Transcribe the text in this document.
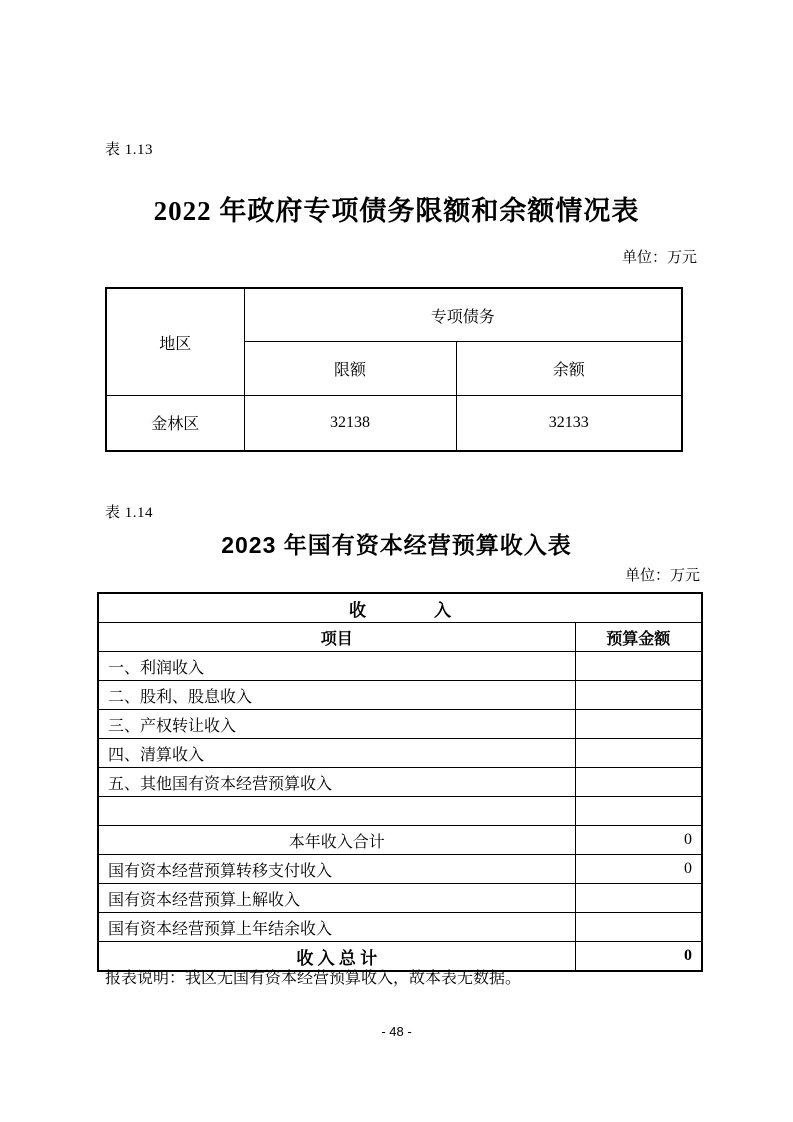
表 1.13
2022 年政府专项债务限额和余额情况表
单位：万元
地区	专项债务	
	限额	余额
金林区	32138	32133
表 1.14
2023 年国有资本经营预算收入表
单位：万元
收　　　　入	
项目	预算金额
一、利润收入	
二、股利、股息收入	
三、产权转让收入	
四、清算收入	
五、其他国有资本经营预算收入	

本年收入合计	0
国有资本经营预算转移支付收入	0
国有资本经营预算上解收入	
国有资本经营预算上年结余收入	
收 入 总 计	0
报表说明：我区无国有资本经营预算收入，故本表无数据。
- 48 -
